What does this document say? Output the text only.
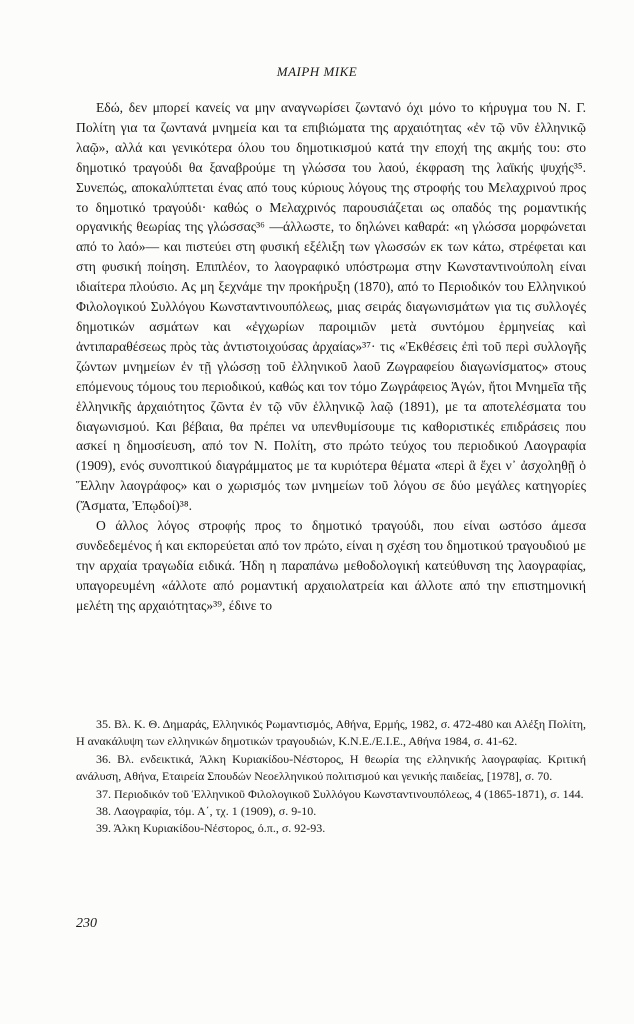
ΜΑΙΡΗ ΜΙΚΕ

Εδώ, δεν μπορεί κανείς να μην αναγνωρίσει ζωντανό όχι μόνο το κήρυγμα του Ν. Γ. Πολίτη για τα ζωντανά μνημεία και τα επιβιώματα της αρχαιότητας «ἐν τῷ νῦν ἑλληνικῷ λαῷ», αλλά και γενικότερα όλου του δημοτικισμού κατά την εποχή της ακμής του: στο δημοτικό τραγούδι θα ξαναβρούμε τη γλώσσα του λαού, έκφραση της λαϊκής ψυχής³⁵. Συνεπώς, αποκαλύπτεται ένας από τους κύριους λόγους της στροφής του Μελαχρινού προς το δημοτικό τραγούδι· καθώς ο Μελαχρινός παρουσιάζεται ως οπαδός της ρομαντικής οργανικής θεωρίας της γλώσσας³⁶ —άλλωστε, το δηλώνει καθαρά: «η γλώσσα μορφώνεται από το λαό»— και πιστεύει στη φυσική εξέλιξη των γλωσσών εκ των κάτω, στρέφεται και στη φυσική ποίηση. Επιπλέον, το λαογραφικό υπόστρωμα στην Κωνσταντινούπολη είναι ιδιαίτερα πλούσιο. Ας μη ξεχνάμε την προκήρυξη (1870), από το Περιοδικόν του Ελληνικού Φιλολογικού Συλλόγου Κωνσταντινουπόλεως, μιας σειράς διαγωνισμάτων για τις συλλογές δημοτικών ασμάτων και «ἐγχωρίων παροιμιῶν μετὰ συντόμου ἑρμηνείας καὶ ἀντιπαραθέσεως πρὸς τὰς ἀντιστοιχούσας ἀρχαίας»³⁷· τις «Ἐκθέσεις ἐπὶ τοῦ περὶ συλλογῆς ζώντων μνημείων ἐν τῇ γλώσσῃ τοῦ ἑλληνικοῦ λαοῦ Ζωγραφείου διαγωνίσματος» στους επόμενους τόμους του περιοδικού, καθώς και τον τόμο Ζωγράφειος Ἀγών, ἤτοι Μνημεῖα τῆς ἑλληνικῆς ἀρχαιότητος ζῶντα ἐν τῷ νῦν ἑλληνικῷ λαῷ (1891), με τα αποτελέσματα του διαγωνισμού. Και βέβαια, θα πρέπει να υπενθυμίσουμε τις καθοριστικές επιδράσεις που ασκεί η δημοσίευση, από τον Ν. Πολίτη, στο πρώτο τεύχος του περιοδικού Λαογραφία (1909), ενός συνοπτικού διαγράμματος με τα κυριότερα θέματα «περὶ ἃ ἔχει ν᾽ ἀσχοληθῇ ὁ Ἕλλην λαογράφος» και ο χωρισμός των μνημείων τοῦ λόγου σε δύο μεγάλες κατηγορίες (Ἄσματα, Ἐπῳδοί)³⁸.

Ο άλλος λόγος στροφής προς το δημοτικό τραγούδι, που είναι ωστόσο άμεσα συνδεδεμένος ή και εκπορεύεται από τον πρώτο, είναι η σχέση του δημοτικού τραγουδιού με την αρχαία τραγωδία ειδικά. Ήδη η παραπάνω μεθοδολογική κατεύθυνση της λαογραφίας, υπαγορευμένη «άλλοτε από ρομαντική αρχαιολατρεία και άλλοτε από την επιστημονική μελέτη της αρχαιότητας»³⁹, έδινε το

35. Βλ. Κ. Θ. Δημαράς, Ελληνικός Ρωμαντισμός, Αθήνα, Ερμής, 1982, σ. 472-480 και Αλέξη Πολίτη, Η ανακάλυψη των ελληνικών δημοτικών τραγουδιών, Κ.Ν.Ε./Ε.Ι.Ε., Αθήνα 1984, σ. 41-62.

36. Βλ. ενδεικτικά, Άλκη Κυριακίδου-Νέστορος, Η θεωρία της ελληνικής λαογραφίας. Κριτική ανάλυση, Αθήνα, Εταιρεία Σπουδών Νεοελληνικού πολιτισμού και γενικής παιδείας, [1978], σ. 70.

37. Περιοδικόν τοῦ Ἑλληνικοῦ Φιλολογικοῦ Συλλόγου Κωνσταντινουπόλεως, 4 (1865-1871), σ. 144.

38. Λαογραφία, τόμ. Α΄, τχ. 1 (1909), σ. 9-10.

39. Άλκη Κυριακίδου-Νέστορος, ό.π., σ. 92-93.

230
